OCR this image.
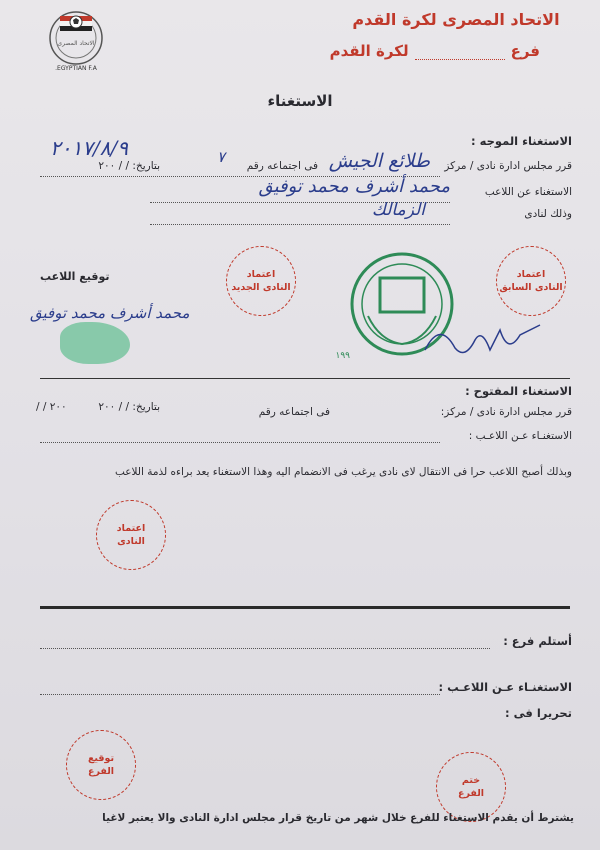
الاتحاد المصرى لكرة القدم
فرع
لكرة القدم
الاتحاد المصرى
EGYPTIAN F.A.
الاستغناء
الاستغناء الموجه :
قرر مجلس ادارة نادى / مركز
طلائع الجيش
فى اجتماعه رقم
٧
بتاريخ: / / ٢٠٠
٢٠١٧/٨/٩
الاستغناء عن اللاعب
محمد أشرف محمد توفيق
وذلك لنادى
الزمالك
اعتماد
النادى الجديد
اعتماد
النادى السابق
١٩٩
توقيع اللاعب
محمد أشرف محمد توفيق
الاستغناء المفتوح :
قرر مجلس ادارة نادى / مركز:
فى اجتماعه رقم
بتاريخ: / / ٢٠٠
/ / ٢٠٠
الاستغنـاء عـن اللاعـب :
وبذلك أصبح اللاعب حرا فى الانتقال لاى نادى يرغب فى الانضمام اليه وهذا الاستغناء يعد براءه لذمة اللاعب
اعتماد
النادى
أستلم فرع :
الاستغنـاء عـن اللاعـب :
تحريرا فى :
توقيع
الفرع
ختم
الفرع
يشترط أن يقدم الاستغناء للفرع خلال شهر من تاريخ قرار مجلس ادارة النادى والا يعتبر لاغيا
